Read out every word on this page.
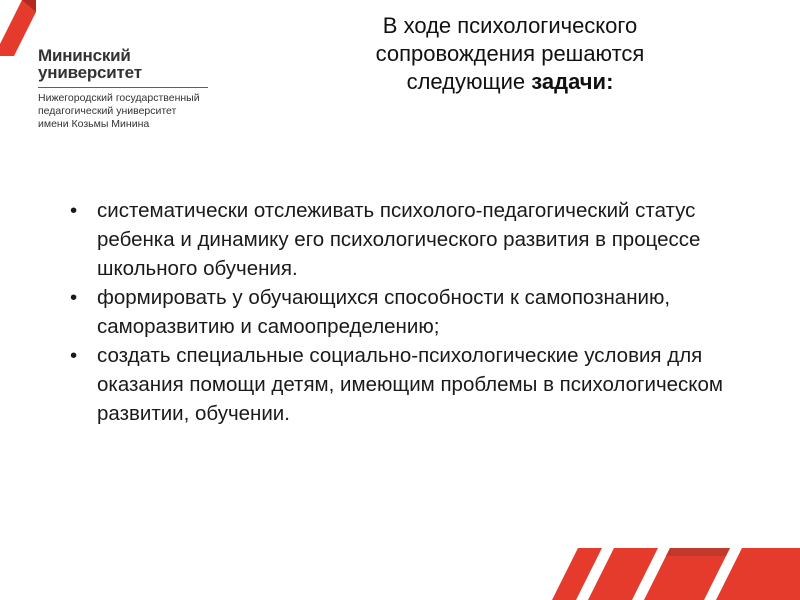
Мининский
университет
Нижегородский государственный
педагогический университет
имени Козьмы Минина
В ходе психологического
сопровождения решаются
следующие задачи:
• систематически отслеживать психолого-педагогический статус ребенка и динамику его психологического развития в процессе школьного обучения.
• формировать у обучающихся способности к самопознанию, саморазвитию и самоопределению;
• создать специальные социально-психологические условия для оказания помощи детям, имеющим проблемы в психологическом развитии, обучении.
